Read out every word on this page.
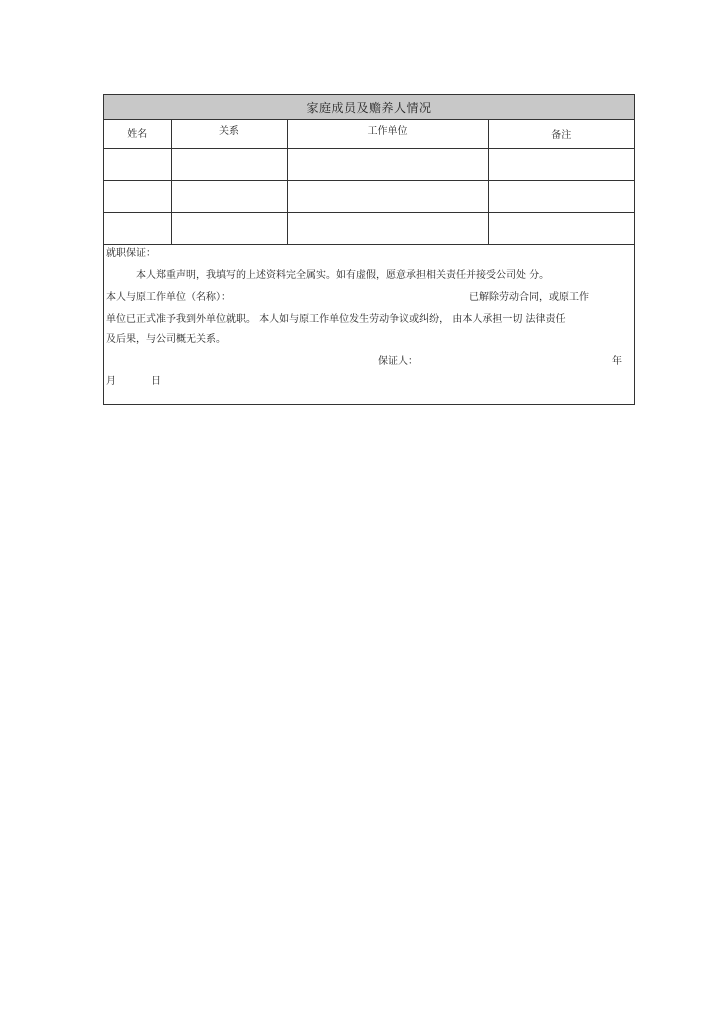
家庭成员及赡养人情况
姓名	关系	工作单位	备注

就职保证：
本人郑重声明，我填写的上述资料完全属实。如有虚假，愿意承担相关责任并接受公司处 分。
本人与原工作单位（名称）：	已解除劳动合同，或原工作
单位已正式准予我到外单位就职。 本人如与原工作单位发生劳动争议或纠纷， 由本人承担一切 法律责任
及后果，与公司概无关系。
保证人：	年
月	日
